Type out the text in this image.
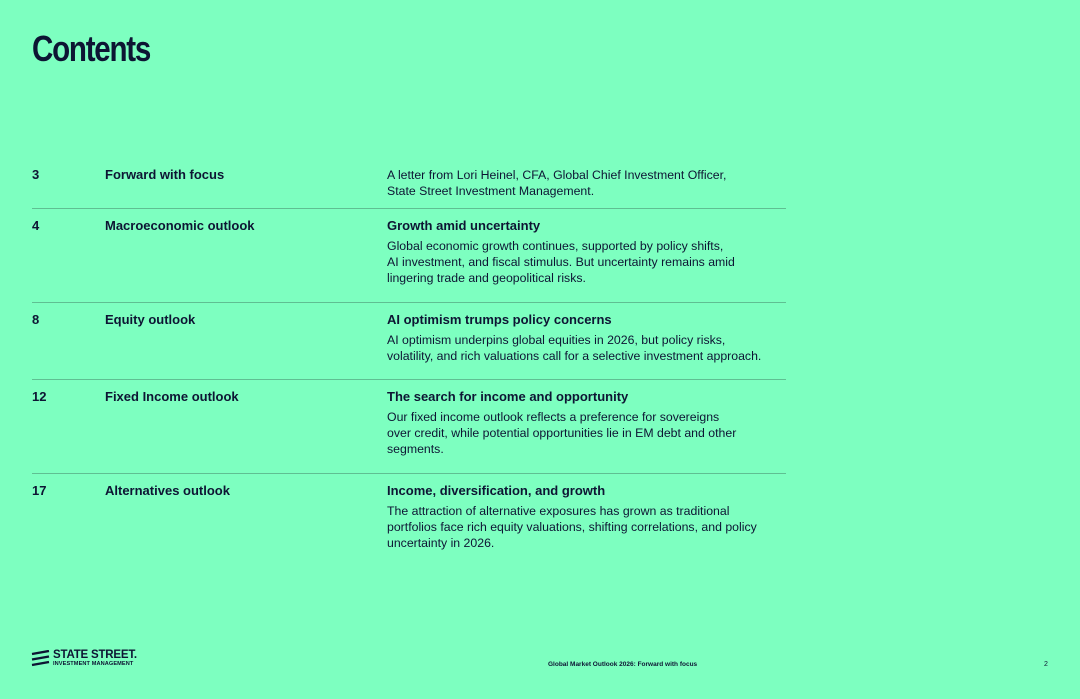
Contents
3	Forward with focus	A letter from Lori Heinel, CFA, Global Chief Investment Officer,
State Street Investment Management.
4	Macroeconomic outlook	Growth amid uncertainty
Global economic growth continues, supported by policy shifts,
AI investment, and fiscal stimulus. But uncertainty remains amid
lingering trade and geopolitical risks.
8	Equity outlook	AI optimism trumps policy concerns
AI optimism underpins global equities in 2026, but policy risks,
volatility, and rich valuations call for a selective investment approach.
12	Fixed Income outlook	The search for income and opportunity
Our fixed income outlook reflects a preference for sovereigns
over credit, while potential opportunities lie in EM debt and other
segments.
17	Alternatives outlook	Income, diversification, and growth
The attraction of alternative exposures has grown as traditional
portfolios face rich equity valuations, shifting correlations, and policy
uncertainty in 2026.
STATE STREET.
INVESTMENT MANAGEMENT	Global Market Outlook 2026: Forward with focus	2
